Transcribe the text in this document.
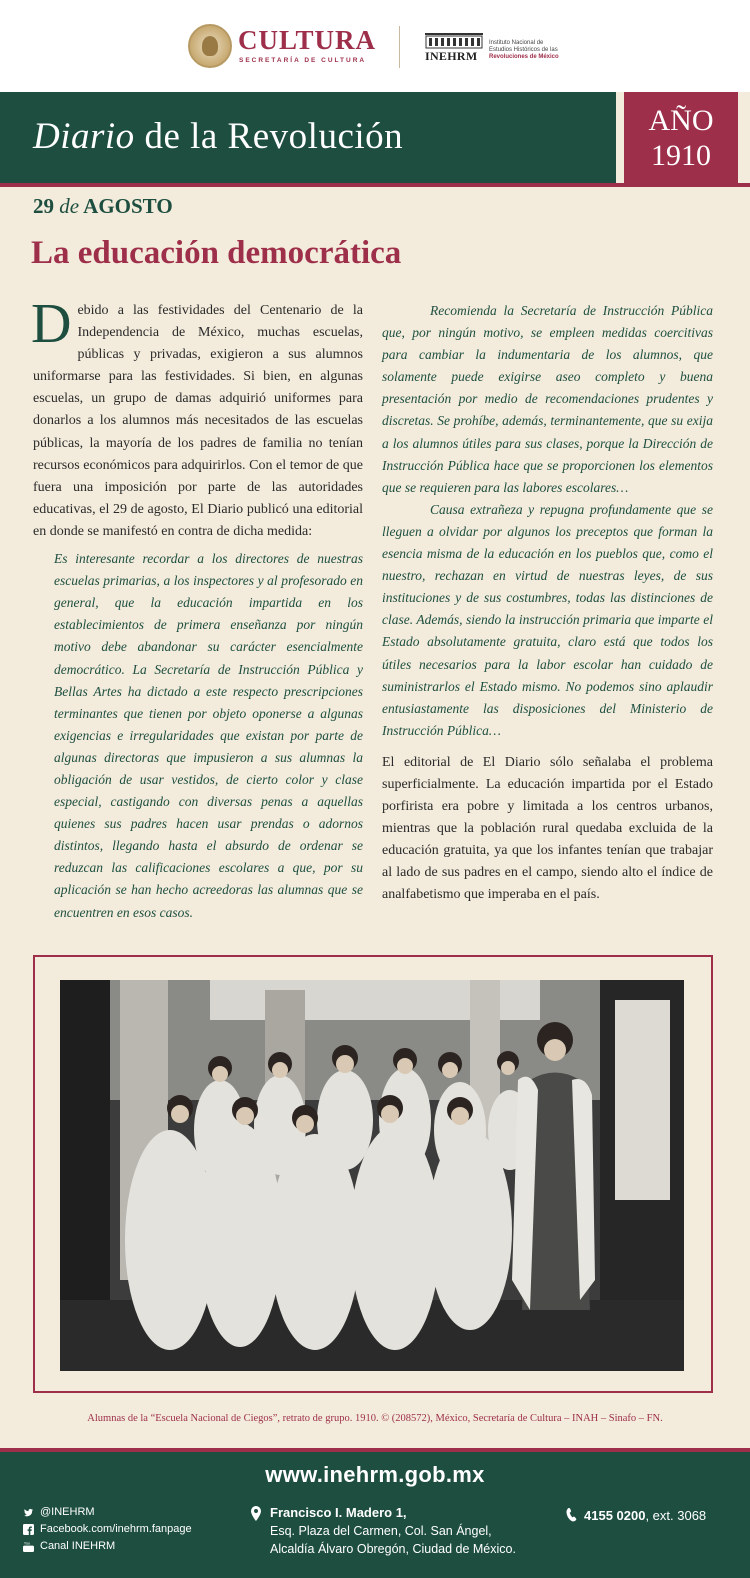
CULTURA
SECRETARÍA DE CULTURA	INEHRM
Instituto Nacional de
Estudios Históricos de las
Revoluciones de México
Diario de la Revolución	AÑO
1910
29 de AGOSTO
La educación democrática

Debido a las festividades del Centenario de la Independencia de México, muchas escuelas, públicas y privadas, exigieron a sus alumnos uniformarse para las festividades. Si bien, en algunas escuelas, un grupo de damas adquirió uniformes para donarlos a los alumnos más necesitados de las escuelas públicas, la mayoría de los padres de familia no tenían recursos económicos para adquirirlos. Con el temor de que fuera una imposición por parte de las autoridades educativas, el 29 de agosto, El Diario publicó una editorial en donde se manifestó en contra de dicha medida:

Es interesante recordar a los directores de nuestras escuelas primarias, a los inspectores y al profesorado en general, que la educación impartida en los establecimientos de primera enseñanza por ningún motivo debe abandonar su carácter esencialmente democrático. La Secretaría de Instrucción Pública y Bellas Artes ha dictado a este respecto prescripciones terminantes que tienen por objeto oponerse a algunas exigencias e irregularidades que existan por parte de algunas directoras que impusieron a sus alumnas la obligación de usar vestidos, de cierto color y clase especial, castigando con diversas penas a aquellas quienes sus padres hacen usar prendas o adornos distintos, llegando hasta el absurdo de ordenar se reduzcan las calificaciones escolares a que, por su aplicación se han hecho acreedoras las alumnas que se encuentren en esos casos.

Recomienda la Secretaría de Instrucción Pública que, por ningún motivo, se empleen medidas coercitivas para cambiar la indumentaria de los alumnos, que solamente puede exigirse aseo completo y buena presentación por medio de recomendaciones prudentes y discretas. Se prohíbe, además, terminantemente, que su exija a los alumnos útiles para sus clases, porque la Dirección de Instrucción Pública hace que se proporcionen los elementos que se requieren para las labores escolares…

Causa extrañeza y repugna profundamente que se lleguen a olvidar por algunos los preceptos que forman la esencia misma de la educación en los pueblos que, como el nuestro, rechazan en virtud de nuestras leyes, de sus instituciones y de sus costumbres, todas las distinciones de clase. Además, siendo la instrucción primaria que imparte el Estado absolutamente gratuita, claro está que todos los útiles necesarios para la labor escolar han cuidado de suministrarlos el Estado mismo. No podemos sino aplaudir entusiastamente las disposiciones del Ministerio de Instrucción Pública…

El editorial de El Diario sólo señalaba el problema superficialmente. La educación impartida por el Estado porfirista era pobre y limitada a los centros urbanos, mientras que la población rural quedaba excluida de la educación gratuita, ya que los infantes tenían que trabajar al lado de sus padres en el campo, siendo alto el índice de analfabetismo que imperaba en el país.

Alumnas de la “Escuela Nacional de Ciegos”, retrato de grupo. 1910. © (208572), México, Secretaría de Cultura – INAH – Sinafo – FN.
www.inehrm.gob.mx
@INEHRM
Facebook.com/inehrm.fanpage
You Canal INEHRM
Francisco I. Madero 1,
Esq. Plaza del Carmen, Col. San Ángel,
Alcaldía Álvaro Obregón, Ciudad de México.
4155 0200, ext. 3068
